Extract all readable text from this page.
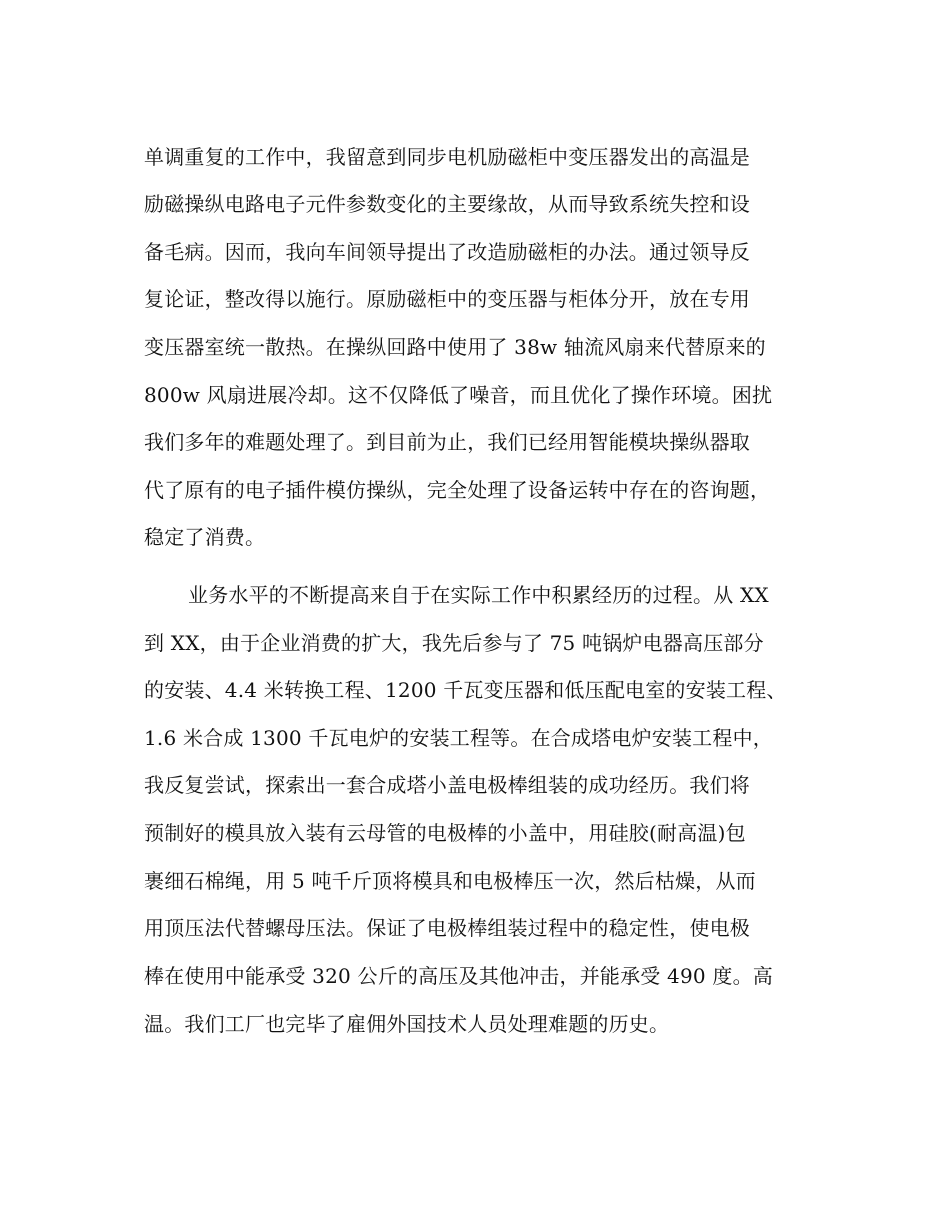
单调重复的工作中，我留意到同步电机励磁柜中变压器发出的高温是
励磁操纵电路电子元件参数变化的主要缘故，从而导致系统失控和设
备毛病。因而，我向车间领导提出了改造励磁柜的办法。通过领导反
复论证，整改得以施行。原励磁柜中的变压器与柜体分开，放在专用
变压器室统一散热。在操纵回路中使用了 38w 轴流风扇来代替原来的
800w 风扇进展冷却。这不仅降低了噪音，而且优化了操作环境。困扰
我们多年的难题处理了。到目前为止，我们已经用智能模块操纵器取
代了原有的电子插件模仿操纵，完全处理了设备运转中存在的咨询题，
稳定了消费。
业务水平的不断提高来自于在实际工作中积累经历的过程。从 XX
到 XX，由于企业消费的扩大，我先后参与了 75 吨锅炉电器高压部分
的安装、4.4 米转换工程、1200 千瓦变压器和低压配电室的安装工程、
1.6 米合成 1300 千瓦电炉的安装工程等。在合成塔电炉安装工程中，
我反复尝试，探索出一套合成塔小盖电极棒组装的成功经历。我们将
预制好的模具放入装有云母管的电极棒的小盖中，用硅胶(耐高温)包
裹细石棉绳，用 5 吨千斤顶将模具和电极棒压一次，然后枯燥，从而
用顶压法代替螺母压法。保证了电极棒组装过程中的稳定性，使电极
棒在使用中能承受 320 公斤的高压及其他冲击，并能承受 490 度。高
温。我们工厂也完毕了雇佣外国技术人员处理难题的历史。
